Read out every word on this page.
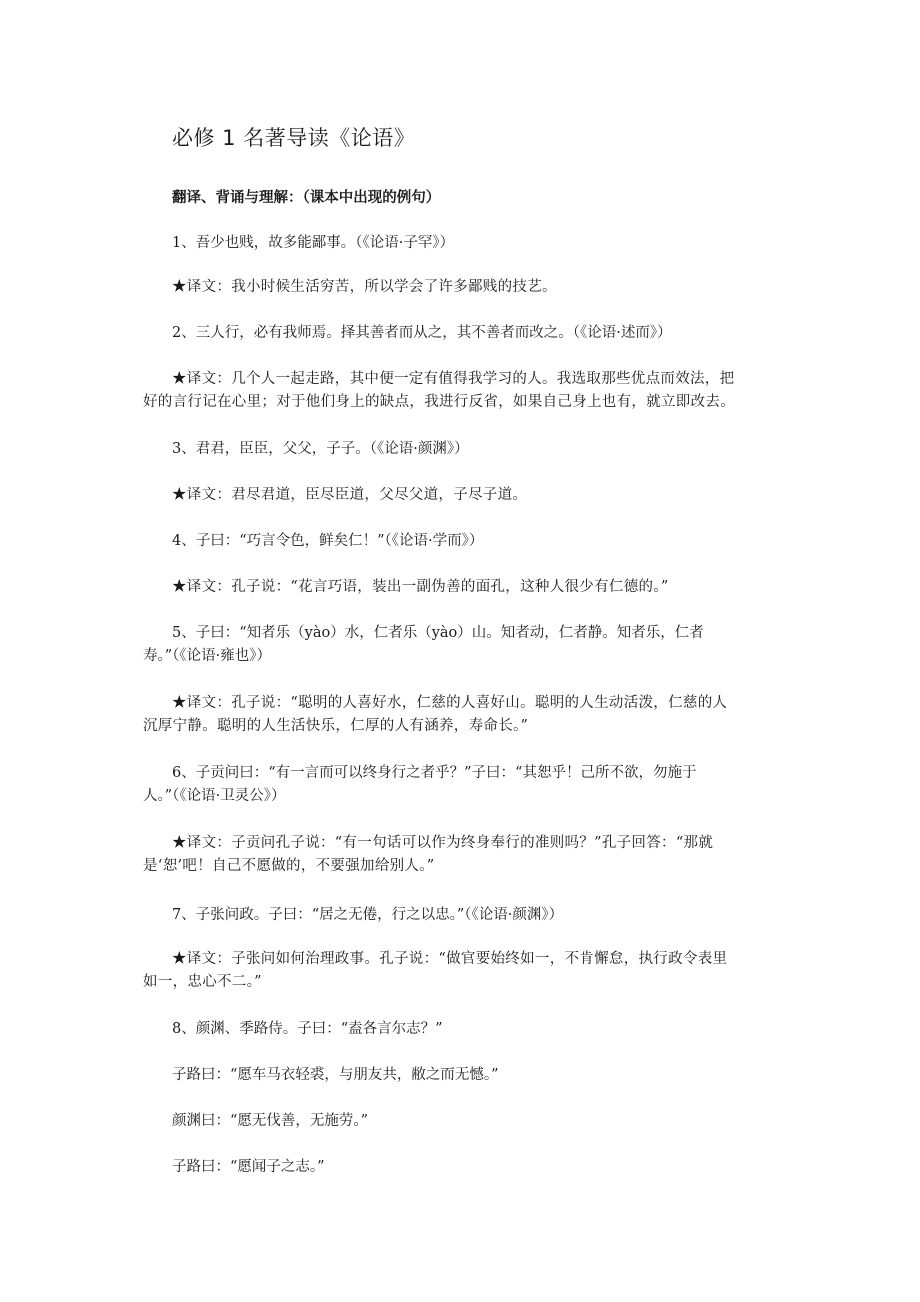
必修 1 名著导读《论语》
翻译、背诵与理解：（课本中出现的例句）

1、吾少也贱，故多能鄙事。（《论语·子罕》）

★译文：我小时候生活穷苦，所以学会了许多鄙贱的技艺。

2、三人行，必有我师焉。择其善者而从之，其不善者而改之。（《论语·述而》）

★译文：几个人一起走路，其中便一定有值得我学习的人。我选取那些优点而效法，把
好的言行记在心里；对于他们身上的缺点，我进行反省，如果自己身上也有，就立即改去。

3、君君，臣臣，父父，子子。（《论语·颜渊》）

★译文：君尽君道，臣尽臣道，父尽父道，子尽子道。

4、子曰：“巧言令色，鲜矣仁！”（《论语·学而》）

★译文：孔子说：“花言巧语，装出一副伪善的面孔，这种人很少有仁德的。”

5、子曰：“知者乐（yào）水，仁者乐（yào）山。知者动，仁者静。知者乐，仁者
寿。”（《论语·雍也》）

★译文：孔子说：“聪明的人喜好水，仁慈的人喜好山。聪明的人生动活泼，仁慈的人
沉厚宁静。聪明的人生活快乐，仁厚的人有涵养，寿命长。”

6、子贡问曰：“有一言而可以终身行之者乎？”子曰：“其恕乎！己所不欲，勿施于
人。”（《论语·卫灵公》）

★译文：子贡问孔子说：“有一句话可以作为终身奉行的准则吗？”孔子回答：“那就
是‘恕’吧！自己不愿做的，不要强加给别人。”

7、子张问政。子曰：“居之无倦，行之以忠。”（《论语·颜渊》）

★译文：子张问如何治理政事。孔子说：“做官要始终如一，不肯懈怠，执行政令表里
如一，忠心不二。”

8、颜渊、季路侍。子曰：“盍各言尔志？”

子路曰：“愿车马衣轻裘，与朋友共，敝之而无憾。”

颜渊曰：“愿无伐善，无施劳。”

子路曰：“愿闻子之志。”
